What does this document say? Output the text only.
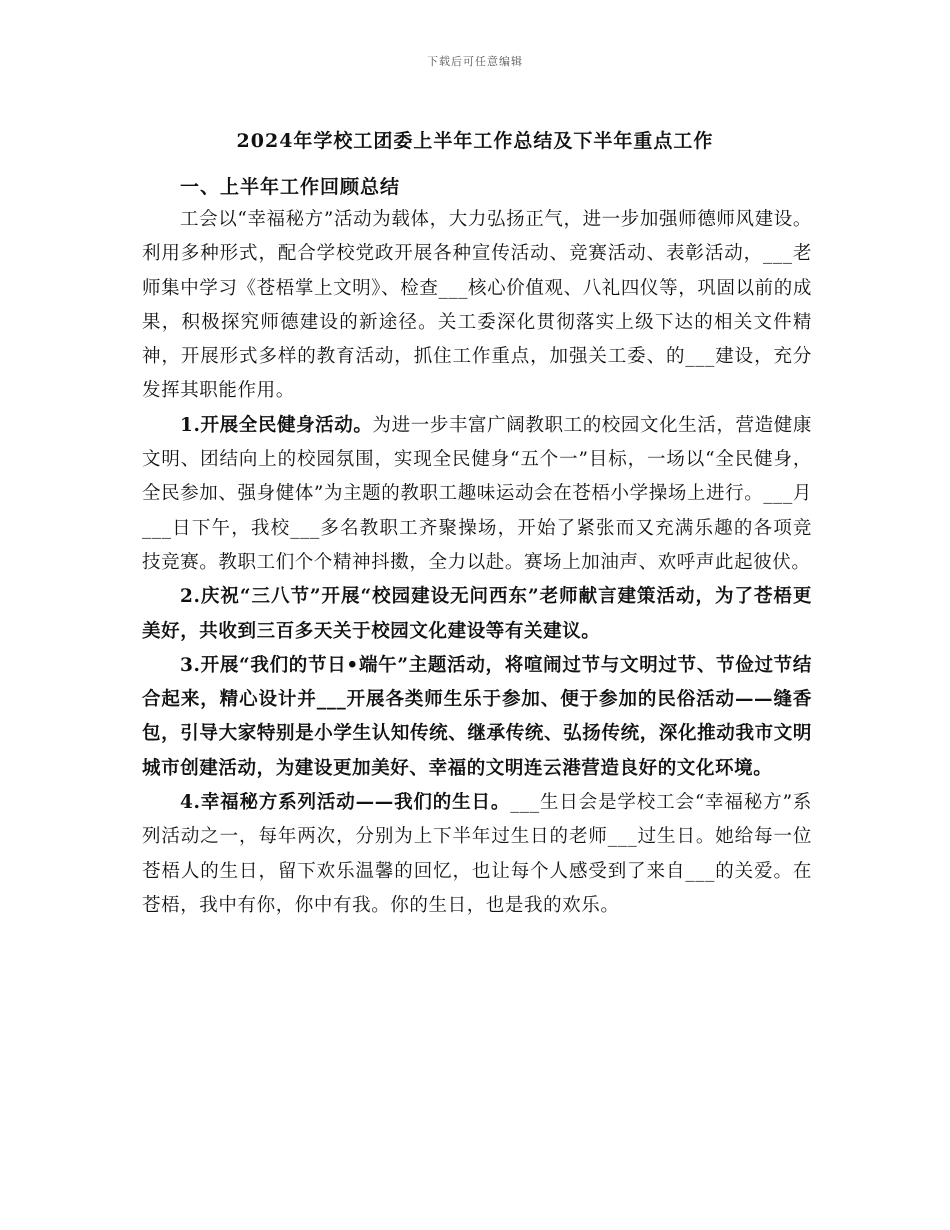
下载后可任意编辑
2024年学校工团委上半年工作总结及下半年重点工作

一、上半年工作回顾总结

工会以“幸福秘方”活动为载体，大力弘扬正气，进一步加强师德师风建设。利用多种形式，配合学校党政开展各种宣传活动、竞赛活动、表彰活动，___老师集中学习《苍梧掌上文明》、检查___核心价值观、八礼四仪等，巩固以前的成果，积极探究师德建设的新途径。关工委深化贯彻落实上级下达的相关文件精神，开展形式多样的教育活动，抓住工作重点，加强关工委、的___建设，充分发挥其职能作用。

1.开展全民健身活动。为进一步丰富广阔教职工的校园文化生活，营造健康文明、团结向上的校园氛围，实现全民健身“五个一”目标，一场以“全民健身，全民参加、强身健体”为主题的教职工趣味运动会在苍梧小学操场上进行。___月___日下午，我校___多名教职工齐聚操场，开始了紧张而又充满乐趣的各项竞技竞赛。教职工们个个精神抖擞，全力以赴。赛场上加油声、欢呼声此起彼伏。

2.庆祝“三八节”开展“校园建设无问西东”老师献言建策活动，为了苍梧更美好，共收到三百多天关于校园文化建设等有关建议。

3.开展“我们的节日•端午”主题活动，将喧闹过节与文明过节、节俭过节结合起来，精心设计并___开展各类师生乐于参加、便于参加的民俗活动——缝香包，引导大家特别是小学生认知传统、继承传统、弘扬传统，深化推动我市文明城市创建活动，为建设更加美好、幸福的文明连云港营造良好的文化环境。

4.幸福秘方系列活动——我们的生日。___生日会是学校工会“幸福秘方”系列活动之一，每年两次，分别为上下半年过生日的老师___过生日。她给每一位苍梧人的生日，留下欢乐温馨的回忆，也让每个人感受到了来自___的关爱。在苍梧，我中有你，你中有我。你的生日，也是我的欢乐。
